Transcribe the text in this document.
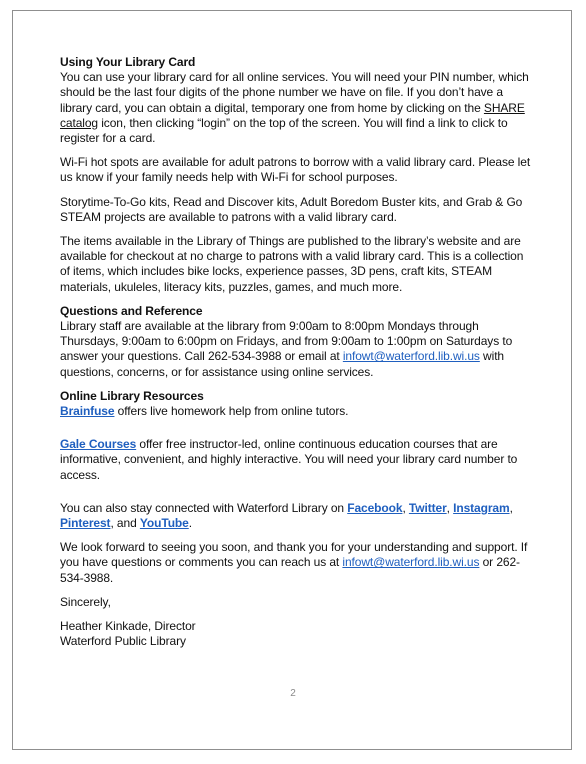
Using Your Library Card

You can use your library card for all online services. You will need your PIN number, which should be the last four digits of the phone number we have on file. If you don’t have a library card, you can obtain a digital, temporary one from home by clicking on the SHARE catalog icon, then clicking “login” on the top of the screen. You will find a link to click to register for a card.

Wi-Fi hot spots are available for adult patrons to borrow with a valid library card. Please let us know if your family needs help with Wi-Fi for school purposes.

Storytime-To-Go kits, Read and Discover kits, Adult Boredom Buster kits, and Grab & Go STEAM projects are available to patrons with a valid library card.

The items available in the Library of Things are published to the library’s website and are available for checkout at no charge to patrons with a valid library card. This is a collection of items, which includes bike locks, experience passes, 3D pens, craft kits, STEAM materials, ukuleles, literacy kits, puzzles, games, and much more.

Questions and Reference

Library staff are available at the library from 9:00am to 8:00pm Mondays through Thursdays, 9:00am to 6:00pm on Fridays, and from 9:00am to 1:00pm on Saturdays to answer your questions. Call 262-534-3988 or email at infowt@waterford.lib.wi.us with questions, concerns, or for assistance using online services.

Online Library Resources

Brainfuse offers live homework help from online tutors.

Gale Courses offer free instructor-led, online continuous education courses that are informative, convenient, and highly interactive. You will need your library card number to access.

You can also stay connected with Waterford Library on Facebook, Twitter, Instagram, Pinterest, and YouTube.

We look forward to seeing you soon, and thank you for your understanding and support. If you have questions or comments you can reach us at infowt@waterford.lib.wi.us or 262-534-3988.

Sincerely,

Heather Kinkade, Director

Waterford Public Library

2
